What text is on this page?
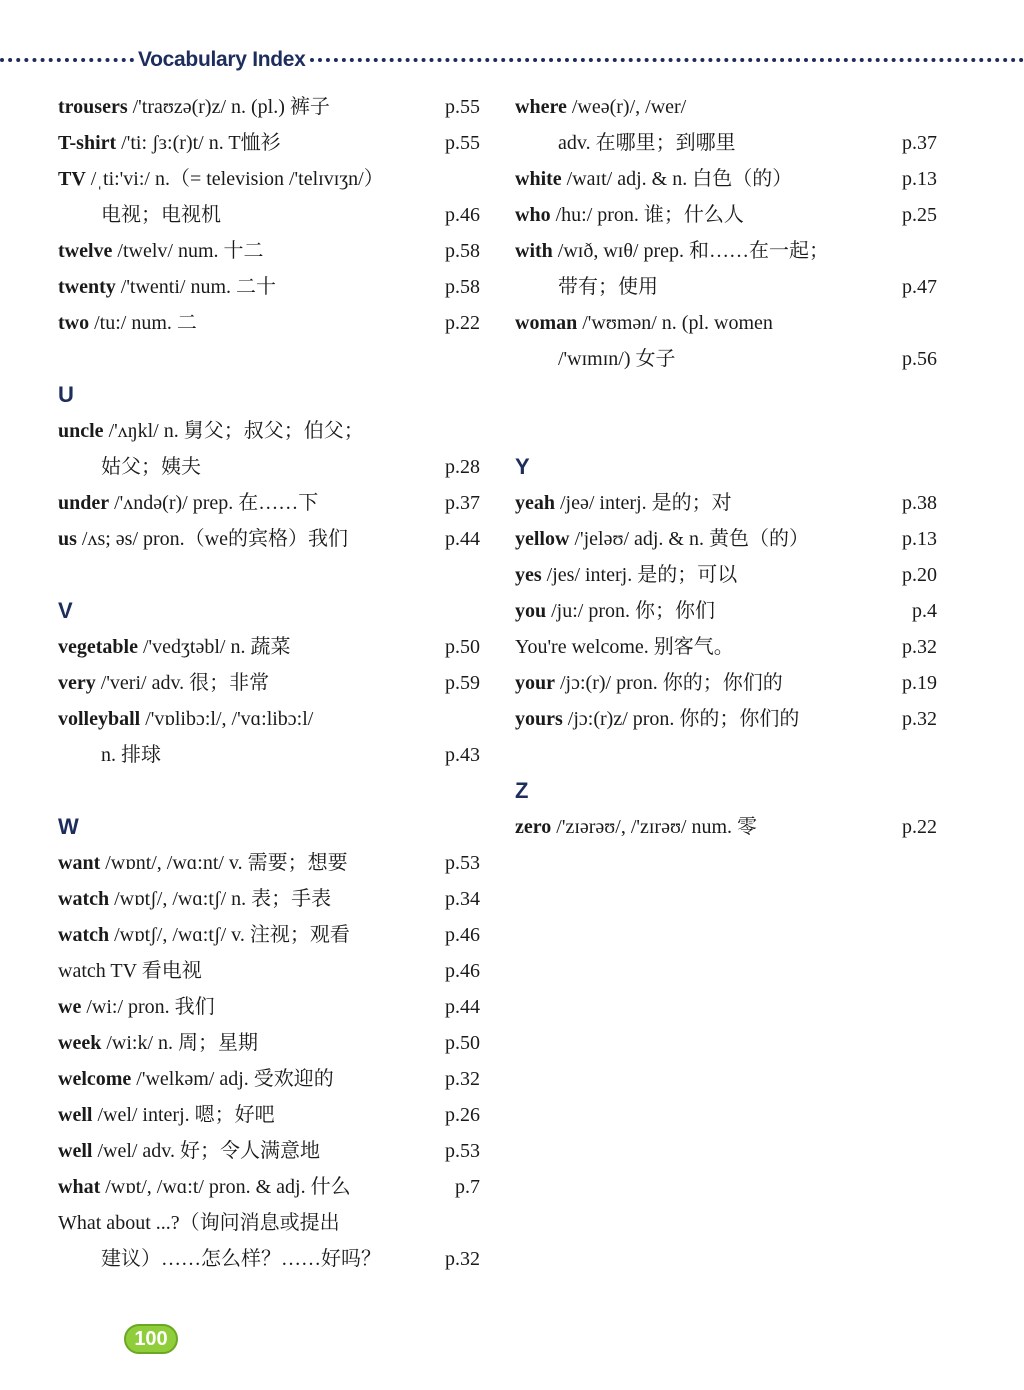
Vocabulary Index
trousers /'traʊzə(r)z/ n. (pl.) 裤子	p.55
T-shirt /'ti: ʃɜ:(r)t/ n. T恤衫	p.55
TV /ˌti:'vi:/ n.（= television /'telɪvɪʒn/）
电视；电视机	p.46
twelve /twelv/ num. 十二	p.58
twenty /'twenti/ num. 二十	p.58
two /tu:/ num. 二	p.22
U
uncle /'ʌŋkl/ n. 舅父；叔父；伯父；
姑父；姨夫	p.28
under /'ʌndə(r)/ prep. 在……下	p.37
us /ʌs; əs/ pron.（we的宾格）我们	p.44
V
vegetable /'vedʒtəbl/ n. 蔬菜	p.50
very /'veri/ adv. 很；非常	p.59
volleyball /'vɒlibɔ:l/, /'vɑ:libɔ:l/
n. 排球	p.43
W
want /wɒnt/, /wɑ:nt/ v. 需要；想要	p.53
watch /wɒtʃ/, /wɑ:tʃ/ n. 表；手表	p.34
watch /wɒtʃ/, /wɑ:tʃ/ v. 注视；观看	p.46
watch TV 看电视	p.46
we /wi:/ pron. 我们	p.44
week /wi:k/ n. 周；星期	p.50
welcome /'welkəm/ adj. 受欢迎的	p.32
well /wel/ interj. 嗯；好吧	p.26
well /wel/ adv. 好；令人满意地	p.53
what /wɒt/, /wɑ:t/ pron. & adj. 什么	p.7
What about ...?（询问消息或提出
建议）……怎么样？……好吗？	p.32
where /weə(r)/, /wer/
adv. 在哪里；到哪里	p.37
white /waɪt/ adj. & n. 白色（的）	p.13
who /hu:/ pron. 谁；什么人	p.25
with /wɪð, wɪθ/ prep. 和……在一起；
带有；使用	p.47
woman /'wʊmən/ n. (pl. women
/'wɪmɪn/) 女子	p.56
Y
yeah /jeə/ interj. 是的；对	p.38
yellow /'jeləʊ/ adj. & n. 黄色（的）	p.13
yes /jes/ interj. 是的；可以	p.20
you /ju:/ pron. 你；你们	p.4
You're welcome. 别客气。	p.32
your /jɔ:(r)/ pron. 你的；你们的	p.19
yours /jɔ:(r)z/ pron. 你的；你们的	p.32
Z
zero /'zɪərəʊ/, /'zɪrəʊ/ num. 零	p.22
100
